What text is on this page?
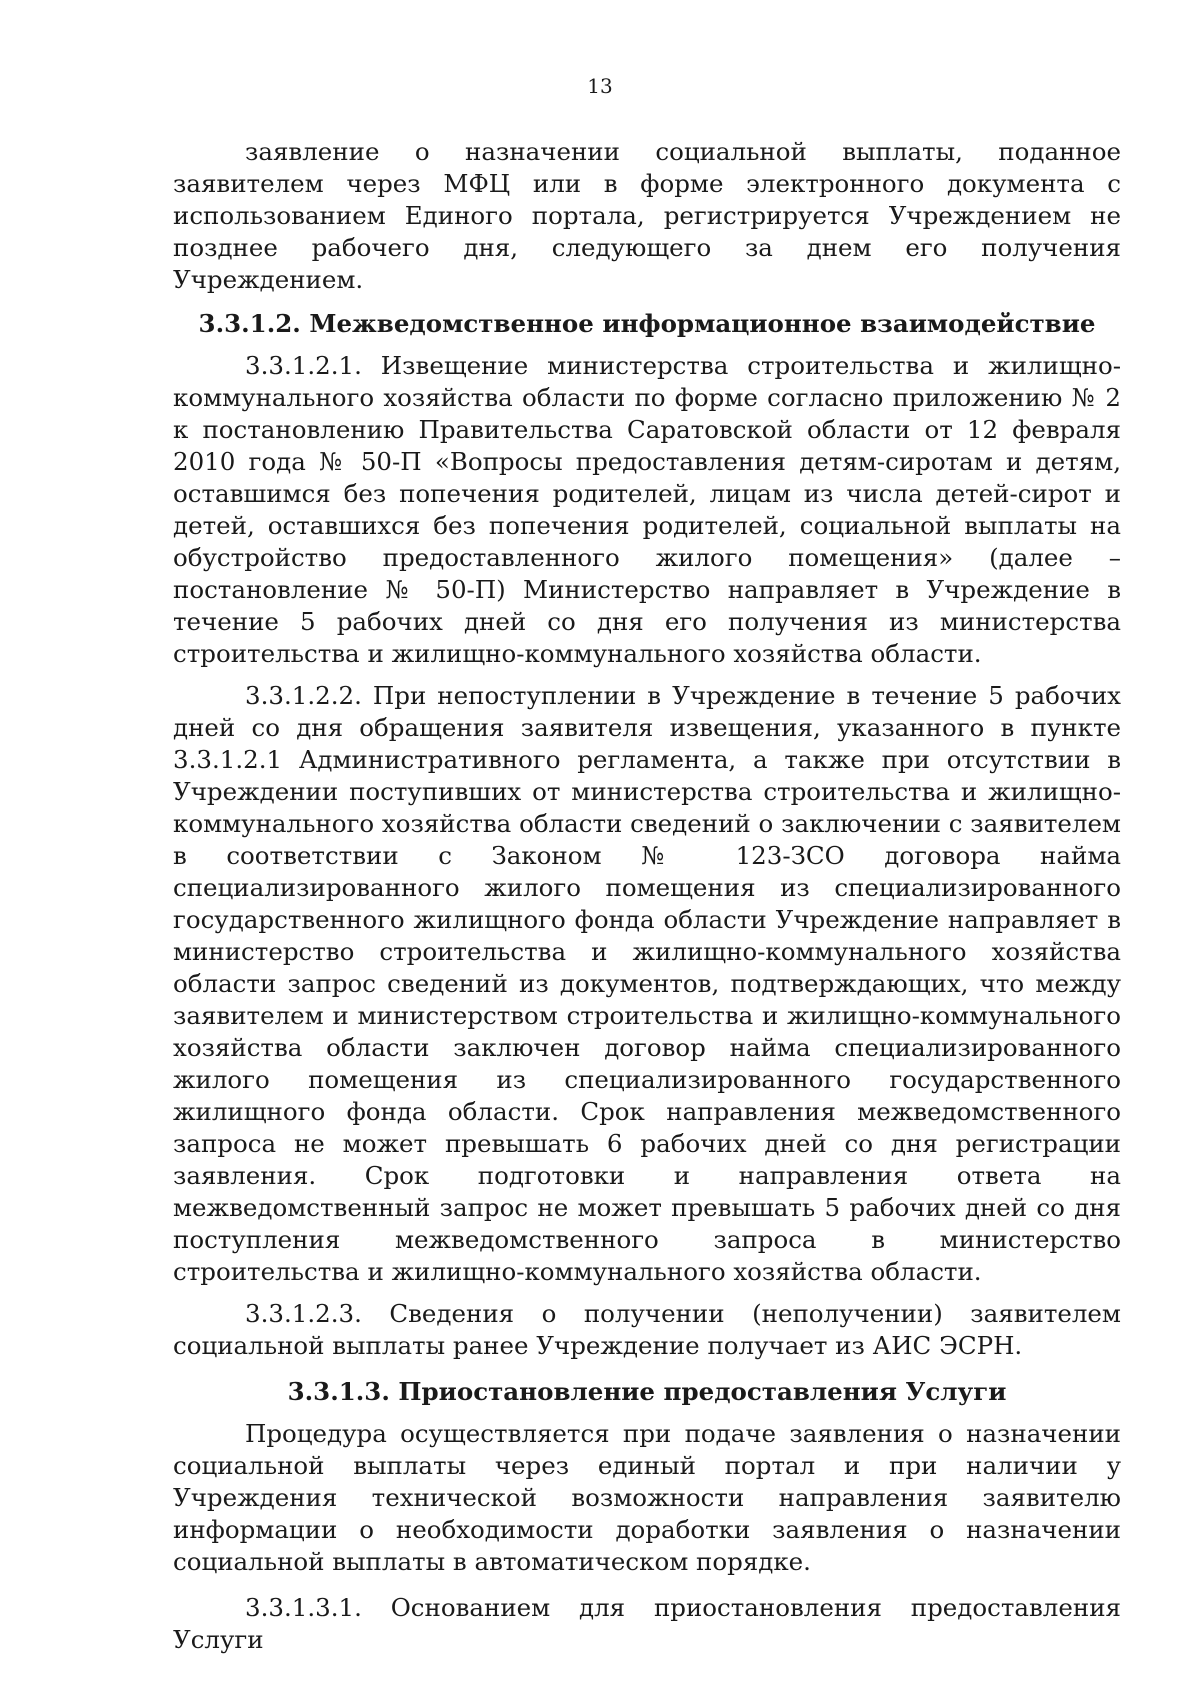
13

заявление о назначении социальной выплаты, поданное заявителем через МФЦ или в форме электронного документа с использованием Единого портала, регистрируется Учреждением не позднее рабочего дня, следующего за днем его получения Учреждением.

3.3.1.2. Межведомственное информационное взаимодействие

3.3.1.2.1. Извещение министерства строительства и жилищно-коммунального хозяйства области по форме согласно приложению № 2 к постановлению Правительства Саратовской области от 12 февраля 2010 года № 50-П «Вопросы предоставления детям-сиротам и детям, оставшимся без попечения родителей, лицам из числа детей-сирот и детей, оставшихся без попечения родителей, социальной выплаты на обустройство предоставленного жилого помещения» (далее – постановление № 50-П) Министерство направляет в Учреждение в течение 5 рабочих дней со дня его получения из министерства строительства и жилищно-коммунального хозяйства области.

3.3.1.2.2. При непоступлении в Учреждение в течение 5 рабочих дней со дня обращения заявителя извещения, указанного в пункте 3.3.1.2.1 Административного регламента, а также при отсутствии в Учреждении поступивших от министерства строительства и жилищно-коммунального хозяйства области сведений о заключении с заявителем в соответствии с Законом № 123-ЗСО договора найма специализированного жилого помещения из специализированного государственного жилищного фонда области Учреждение направляет в министерство строительства и жилищно-коммунального хозяйства области запрос сведений из документов, подтверждающих, что между заявителем и министерством строительства и жилищно-коммунального хозяйства области заключен договор найма специализированного жилого помещения из специализированного государственного жилищного фонда области. Срок направления межведомственного запроса не может превышать 6 рабочих дней со дня регистрации заявления. Срок подготовки и направления ответа на межведомственный запрос не может превышать 5 рабочих дней со дня поступления межведомственного запроса в министерство строительства и жилищно-коммунального хозяйства области.

3.3.1.2.3. Сведения о получении (неполучении) заявителем социальной выплаты ранее Учреждение получает из АИС ЭСРН.

3.3.1.3. Приостановление предоставления Услуги

Процедура осуществляется при подаче заявления о назначении социальной выплаты через единый портал и при наличии у Учреждения технической возможности направления заявителю информации о необходимости доработки заявления о назначении социальной выплаты в автоматическом порядке.

3.3.1.3.1. Основанием для приостановления предоставления Услуги
